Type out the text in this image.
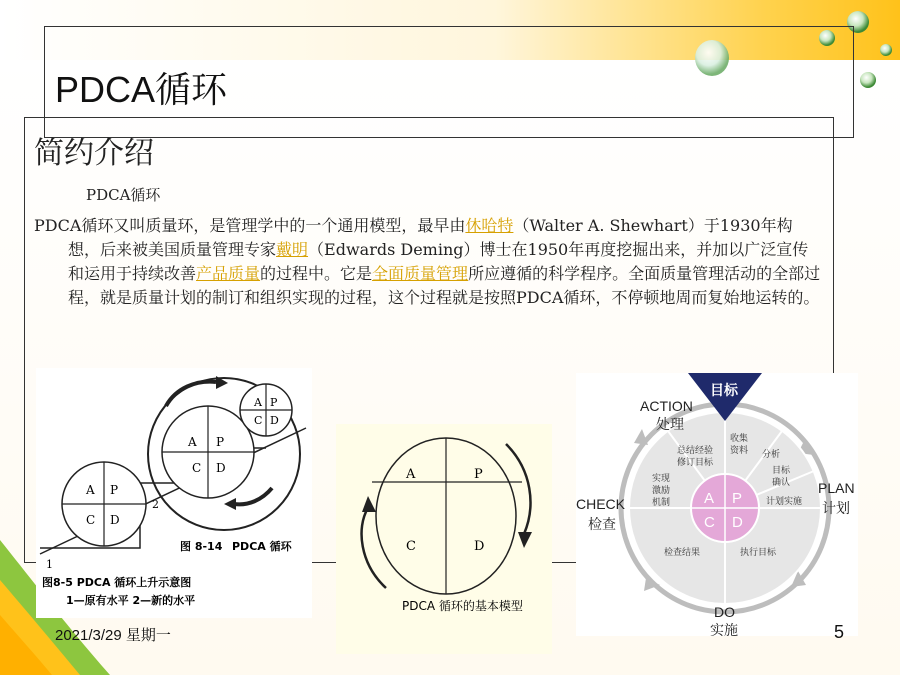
PDCA循环
简约介绍
PDCA循环

PDCA循环又叫质量环，是管理学中的一个通用模型，最早由休哈特（Walter A. Shewhart）于1930年构想，后来被美国质量管理专家戴明（Edwards Deming）博士在1950年再度挖掘出来，并加以广泛宣传和运用于持续改善产品质量的过程中。它是全面质量管理所应遵循的科学程序。全面质量管理活动的全部过程，就是质量计划的制订和组织实现的过程，这个过程就是按照PDCA循环，不停顿地周而复始地运转的。

A P
C D
A P
C D
A P
C D
1
2
图 8-14 PDCA 循环
图8-5 PDCA 循环上升示意图
1—原有水平 2—新的水平
A	P
C	D
PDCA 循环的基本模型
目标
A P
C D
ACTION
处理
PLAN
计划
CHECK
检查
DO
实施
总结经验
修订目标
收集
资料 分析
目标
确认
计划实施
实现
激励
机制
检查结果	执行目标
2021/3/29 星期一	5
